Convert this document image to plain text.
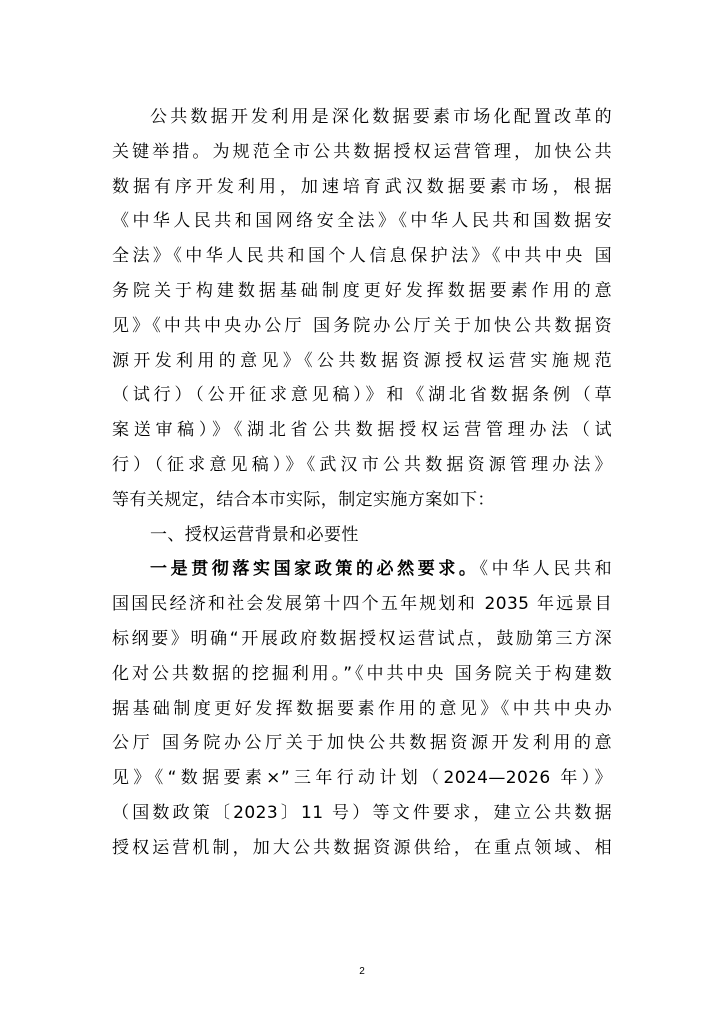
公共数据开发利用是深化数据要素市场化配置改革的
关键举措。为规范全市公共数据授权运营管理，加快公共
数据有序开发利用，加速培育武汉数据要素市场，根据
《中华人民共和国网络安全法》《中华人民共和国数据安
全法》《中华人民共和国个人信息保护法》《中共中央 国
务院关于构建数据基础制度更好发挥数据要素作用的意
见》《中共中央办公厅 国务院办公厅关于加快公共数据资
源开发利用的意见》《公共数据资源授权运营实施规范
（试行）（公开征求意见稿）》和《湖北省数据条例（草
案送审稿）》《湖北省公共数据授权运营管理办法（试
行）（征求意见稿）》《武汉市公共数据资源管理办法》
等有关规定，结合本市实际，制定实施方案如下：
一、授权运营背景和必要性
一是贯彻落实国家政策的必然要求。《中华人民共和
国国民经济和社会发展第十四个五年规划和 2035 年远景目
标纲要》明确“开展政府数据授权运营试点，鼓励第三方深
化对公共数据的挖掘利用。”《中共中央 国务院关于构建数
据基础制度更好发挥数据要素作用的意见》《中共中央办
公厅 国务院办公厅关于加快公共数据资源开发利用的意
见》《“数据要素×”三年行动计划（2024—2026 年）》
（国数政策〔2023〕11 号）等文件要求，建立公共数据
授权运营机制，加大公共数据资源供给，在重点领域、相
2
